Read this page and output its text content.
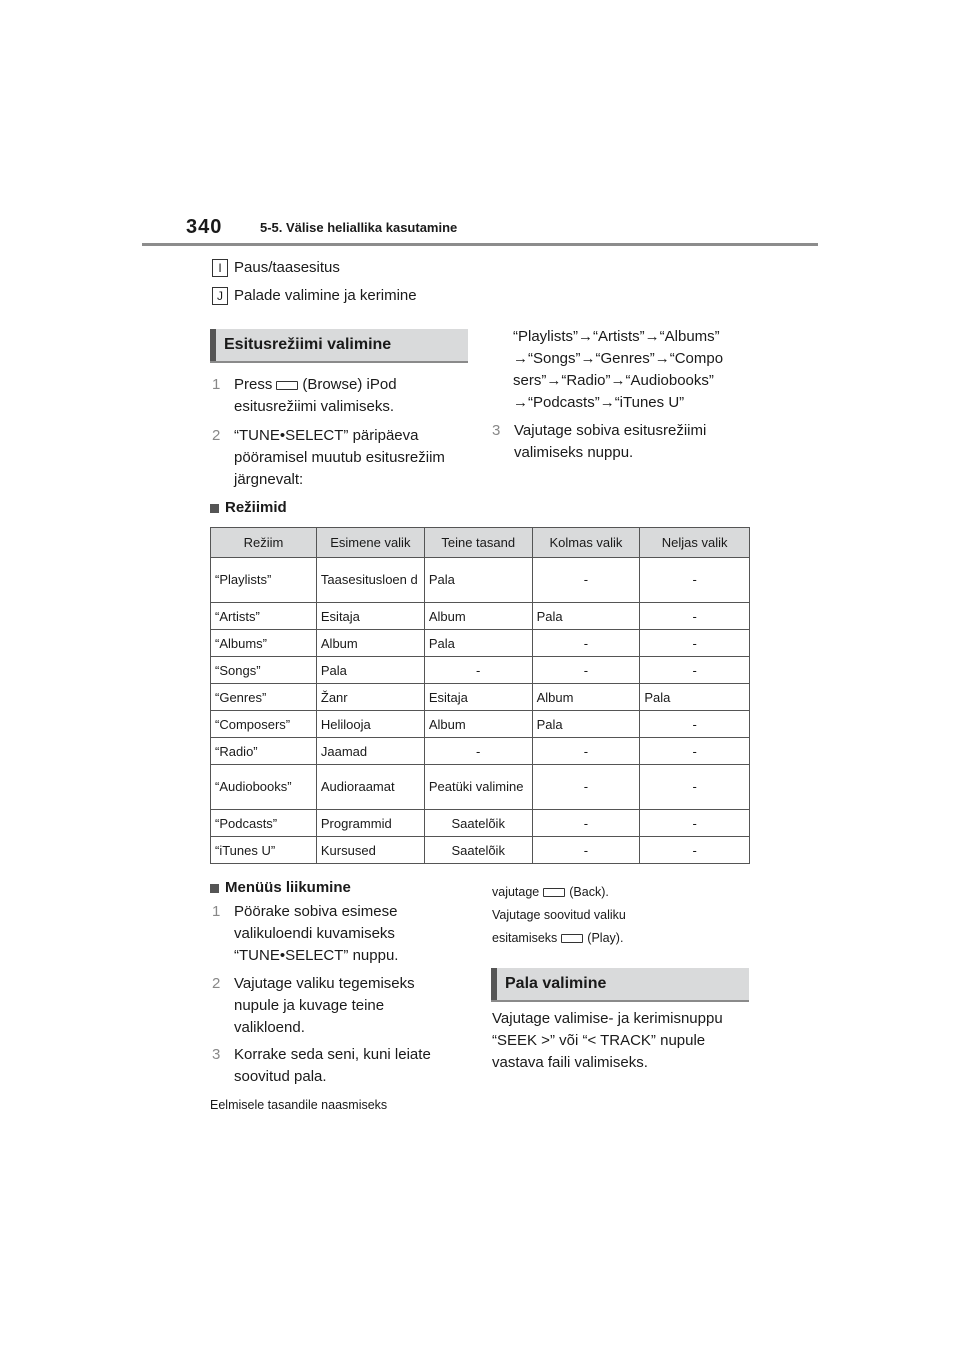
340	5-5. Välise heliallika kasutamine
I Paus/taasesitus
J Palade valimine ja kerimine
Esitusrežiimi valimine
1 Press (Browse) iPod
esitusrežiimi valimiseks.
2 “TUNE•SELECT” päripäeva
pööramisel muutub esitusrežiim
järgnevalt:
“Playlists”→“Artists”→“Albums”
→“Songs”→“Genres”→“Compo
sers”→“Radio”→“Audiobooks”
→“Podcasts”→“iTunes U”
3 Vajutage sobiva esitusrežiimi
valimiseks nuppu.
Režiimid
Režiim	Esimene valik	Teine tasand	Kolmas valik	Neljas valik
“Playlists”	Taasesitusloen d	Pala	-	-
“Artists”	Esitaja	Album	Pala	-
“Albums”	Album	Pala	-	-
“Songs”	Pala	-	-	-
“Genres”	Žanr	Esitaja	Album	Pala
“Composers”	Helilooja	Album	Pala	-
“Radio”	Jaamad	-	-	-
“Audiobooks”	Audioraamat	Peatüki valimine	-	-
“Podcasts”	Programmid	Saatelõik	-	-
“iTunes U”	Kursused	Saatelõik	-	-
Menüüs liikumine
1 Pöörake sobiva esimese
valikuloendi kuvamiseks
“TUNE•SELECT” nuppu.
2 Vajutage valiku tegemiseks
nupule ja kuvage teine
valikloend.
3 Korrake seda seni, kuni leiate
soovitud pala.
Eelmisele tasandile naasmiseks
vajutage (Back).
Vajutage soovitud valiku
esitamiseks (Play).
Pala valimine
Vajutage valimise- ja kerimisnuppu
“SEEK >” või “< TRACK” nupule
vastava faili valimiseks.
